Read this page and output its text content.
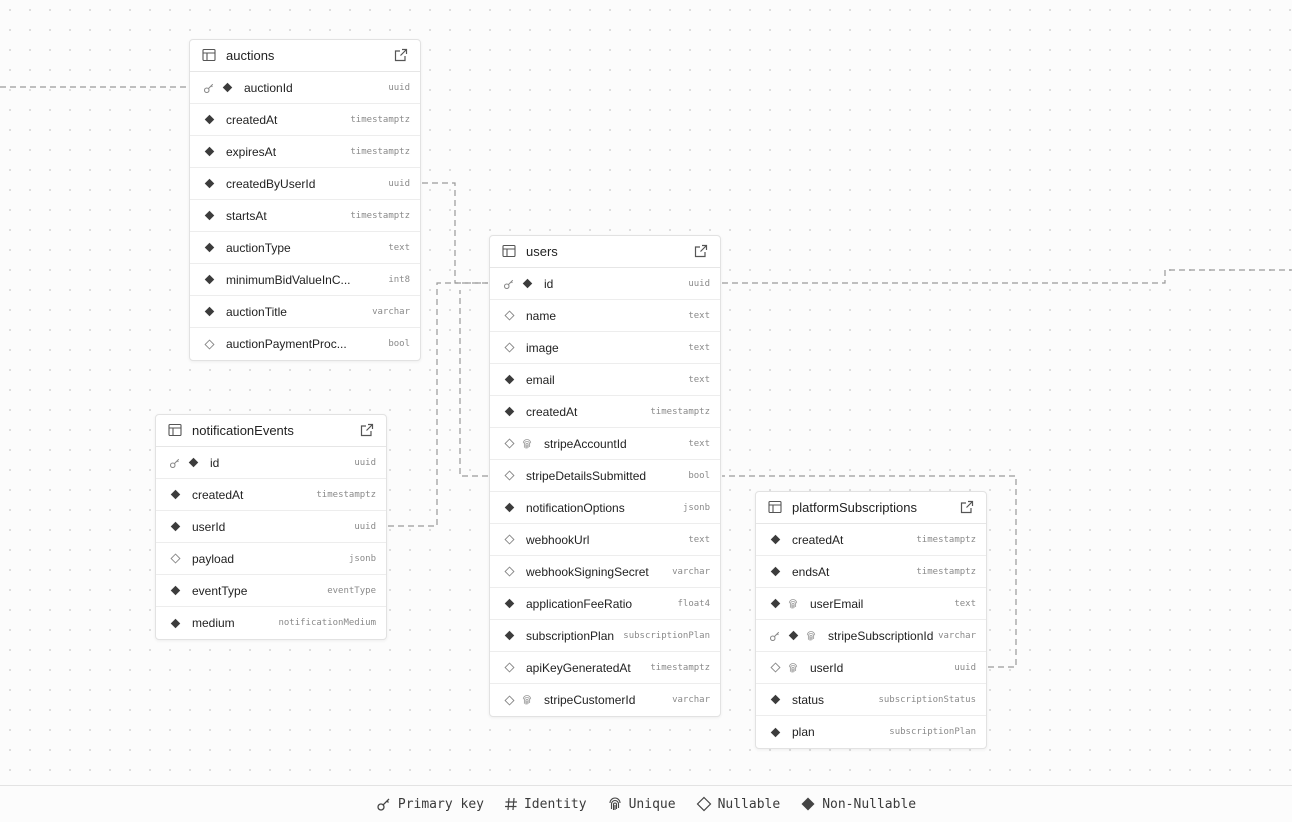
auctions
auctionId	uuid
createdAt	timestamptz
expiresAt	timestamptz
createdByUserId	uuid
startsAt	timestamptz
auctionType	text
minimumBidValueInC...	int8
auctionTitle	varchar
auctionPaymentProc...	bool
notificationEvents
id	uuid
createdAt	timestamptz
userId	uuid
payload	jsonb
eventType	eventType
medium	notificationMedium
users
id	uuid
name	text
image	text
email	text
createdAt	timestamptz
stripeAccountId	text
stripeDetailsSubmitted	bool
notificationOptions	jsonb
webhookUrl	text
webhookSigningSecret	varchar
applicationFeeRatio	float4
subscriptionPlan	subscriptionPlan
apiKeyGeneratedAt	timestamptz
stripeCustomerId	varchar
platformSubscriptions
createdAt	timestamptz
endsAt	timestamptz
userEmail	text
stripeSubscriptionId varchar
userId	uuid
status	subscriptionStatus
plan	subscriptionPlan
Primary key	Identity	Unique	Nullable	Non-Nullable
